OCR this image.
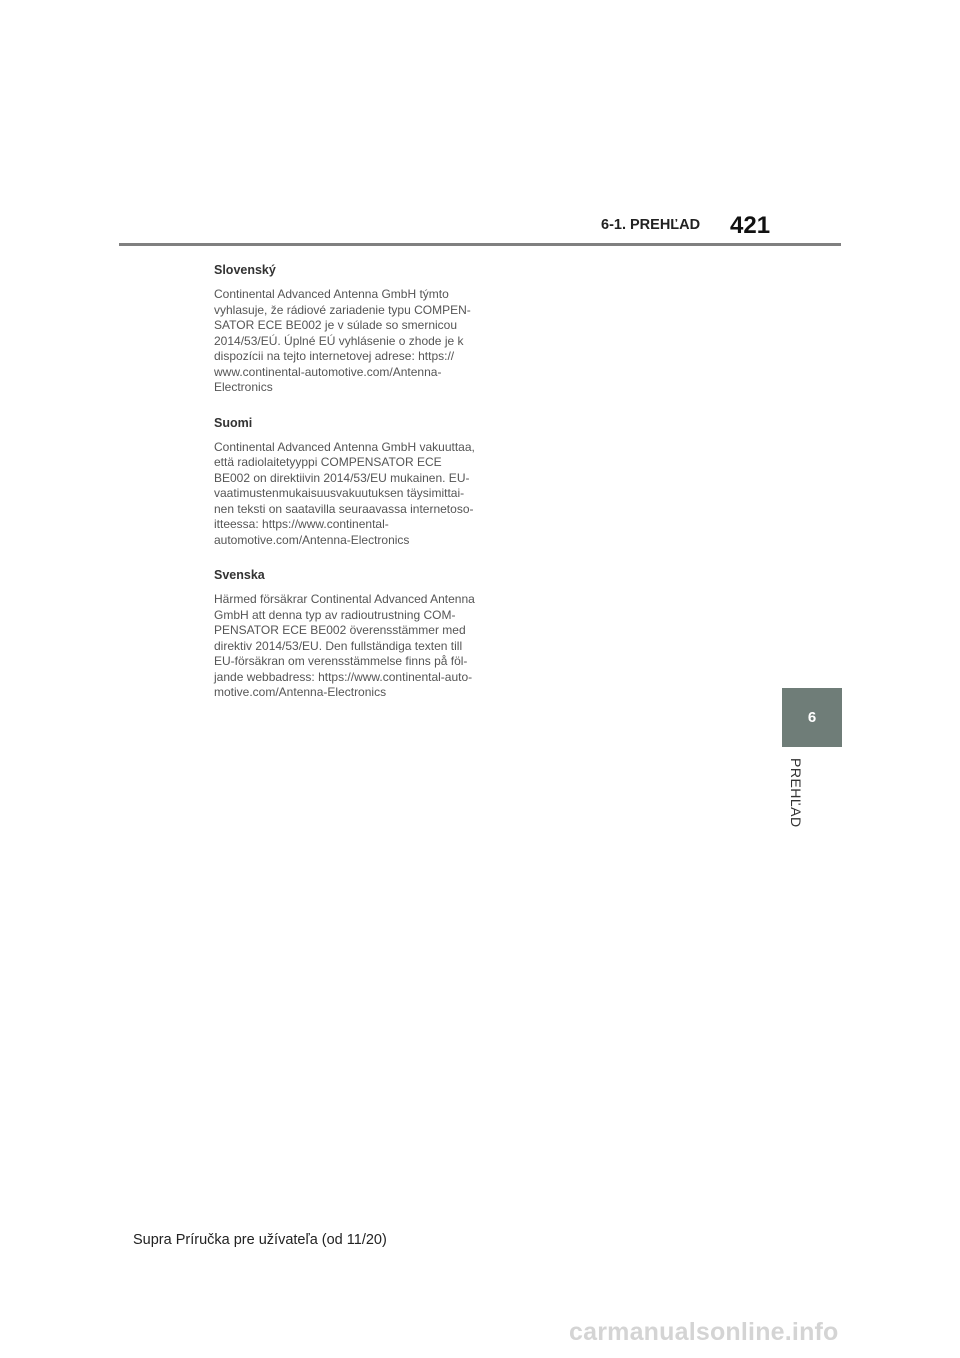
6-1. PREHĽAD 421
Slovenský
Continental Advanced Antenna GmbH týmto
vyhlasuje, že rádiové zariadenie typu COMPEN-
SATOR ECE BE002 je v súlade so smernicou
2014/53/EÚ. Úplné EÚ vyhlásenie o zhode je k
dispozícii na tejto internetovej adrese: https://
www.continental-automotive.com/Antenna-
Electronics
Suomi
Continental Advanced Antenna GmbH vakuuttaa,
että radiolaitetyyppi COMPENSATOR ECE
BE002 on direktiivin 2014/53/EU mukainen. EU-
vaatimustenmukaisuusvakuutuksen täysimittai-
nen teksti on saatavilla seuraavassa internetoso-
itteessa: https://www.continental-
automotive.com/Antenna-Electronics
Svenska
Härmed försäkrar Continental Advanced Antenna
GmbH att denna typ av radioutrustning COM-
PENSATOR ECE BE002 överensstämmer med
direktiv 2014/53/EU. Den fullständiga texten till
EU-försäkran om verensstämmelse finns på föl-
jande webbadress: https://www.continental-auto-
motive.com/Antenna-Electronics
6
PREHĽAD
Supra Príručka pre užívateľa (od 11/20)
carmanualsonline.info
